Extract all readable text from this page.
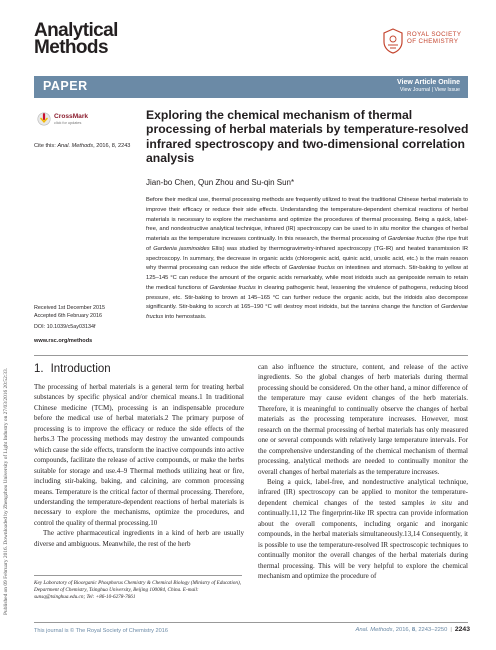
Published on 09 February 2016. Downloaded by Zhengzhou University of Light Industry on 27/03/2016 20:52:33.
Analytical
Methods
ROYAL SOCIETY
OF CHEMISTRY
PAPER	View Article Online
View Journal | View Issue
CrossMark
click for updates
Cite this: Anal. Methods, 2016, 8, 2243
Exploring the chemical mechanism of thermal processing of herbal materials by temperature-resolved infrared spectroscopy and two-dimensional correlation analysis
Jian-bo Chen, Qun Zhou and Su-qin Sun*
Before their medical use, thermal processing methods are frequently utilized to treat the traditional Chinese herbal materials to improve their efficacy or reduce their side effects. Understanding the temperature-dependent chemical reactions of herbal materials is necessary to explore the mechanisms and optimize the procedures of thermal processing. Being a quick, label-free, and nondestructive analytical technique, infrared (IR) spectroscopy can be used to in situ monitor the changes of herbal materials as the temperature increases continually. In this research, the thermal processing of Gardeniae fructus (the ripe fruit of Gardenia jasminoides Ellis) was studied by thermogravimetry-infrared spectroscopy (TG-IR) and heated transmission IR spectroscopy. In summary, the decrease in organic acids (chlorogenic acid, quinic acid, ursolic acid, etc.) is the main reason why thermal processing can reduce the side effects of Gardeniae fructus on intestines and stomach. Stir-baking to yellow at 125–145 °C can reduce the amount of the organic acids remarkably, while most iridoids such as geniposide remain to retain the medical functions of Gardeniae fructus in clearing pathogenic heat, lessening the virulence of pathogens, reducing blood pressure, etc. Stir-baking to brown at 145–165 °C can further reduce the organic acids, but the iridoids also decompose significantly. Stir-baking to scorch at 165–190 °C will destroy most iridoids, but the tannins change the function of Gardeniae fructus into hemostasis.
Received 1st December 2015
Accepted 6th February 2016
DOI: 10.1039/c5ay03134f
www.rsc.org/methods
1. Introduction

The processing of herbal materials is a general term for treating herbal substances by specific physical and/or chemical means.1 In traditional Chinese medicine (TCM), processing is an indispensable procedure before the medical use of herbal materials.2 The primary purpose of processing is to improve the efficacy or reduce the side effects of the herbs.3 The processing methods may destroy the unwanted compounds which cause the side effects, transform the inactive compounds into active compounds, facilitate the release of active compounds, or make the herbs suitable for storage and use.4–9 Thermal methods utilizing heat or fire, including stir-baking, baking, and calcining, are common processing means. Temperature is the critical factor of thermal processing. Therefore, understanding the temperature-dependent reactions of herbal materials is necessary to explore the mechanisms, optimize the procedures, and control the quality of thermal processing.10

The active pharmaceutical ingredients in a kind of herb are usually diverse and ambiguous. Meanwhile, the rest of the herb

can also influence the structure, content, and release of the active ingredients. So the global changes of herb materials during thermal processing should be considered. On the other hand, a minor difference of the temperature may cause evident changes of the herb materials. Therefore, it is meaningful to continually observe the changes of herbal materials as the processing temperature increases. However, most research on the thermal processing of herbal materials has only measured one or several compounds with relatively large temperature intervals. For the comprehensive understanding of the chemical mechanism of thermal processing, analytical methods are needed to continually monitor the overall changes of herbal materials as the temperature increases.

Being a quick, label-free, and nondestructive analytical technique, infrared (IR) spectroscopy can be applied to monitor the temperature-dependent chemical changes of the tested samples in situ and continually.11,12 The fingerprint-like IR spectra can provide information about the overall components, including organic and inorganic compounds, in the herbal materials simultaneously.13,14 Consequently, it is possible to use the temperature-resolved IR spectroscopic techniques to continually monitor the overall changes of the herbal materials during thermal processing. This will be very helpful to explore the chemical mechanism and optimize the procedure of

Key Laboratory of Bioorganic Phosphorus Chemistry & Chemical Biology (Ministry of Education), Department of Chemistry, Tsinghua University, Beijing 100084, China. E-mail: sunsq@tsinghua.edu.cn; Tel: +86-10-6278-7661
This journal is © The Royal Society of Chemistry 2016	Anal. Methods, 2016, 8, 2243–2250 | 2243
